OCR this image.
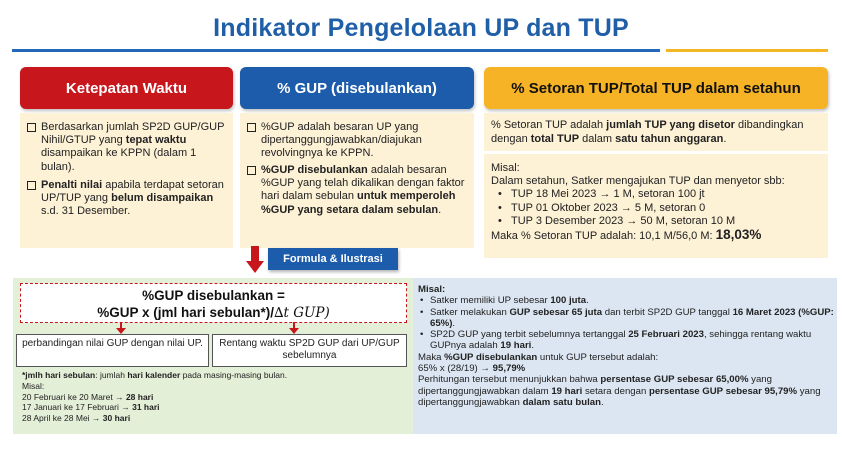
Indikator Pengelolaan UP dan TUP
Ketepatan Waktu	% GUP (disebulankan)	% Setoran TUP/Total TUP dalam setahun
Berdasarkan jumlah SP2D GUP/GUP Nihil/GTUP yang tepat waktu disampaikan ke KPPN (dalam 1 bulan).
Penalti nilai apabila terdapat setoran UP/TUP yang belum disampaikan s.d. 31 Desember.
%GUP adalah besaran UP yang dipertanggungjawabkan/diajukan revolvingnya ke KPPN.
%GUP disebulankan adalah besaran %GUP yang telah dikalikan dengan faktor hari dalam sebulan untuk memperoleh %GUP yang setara dalam sebulan.
% Setoran TUP adalah jumlah TUP yang disetor dibandingkan dengan total TUP dalam satu tahun anggaran.
Misal:
Dalam setahun, Satker mengajukan TUP dan menyetor sbb:
• TUP 18 Mei 2023 → 1 M, setoran 100 jt
• TUP 01 Oktober 2023 → 5 M, setoran 0
• TUP 3 Desember 2023 → 50 M, setoran 10 M
Maka % Setoran TUP adalah: 10,1 M/56,0 M: 18,03%
Formula & Ilustrasi
%GUP disebulankan =
%GUP x (jml hari sebulan*)/∆t GUP)
perbandingan nilai GUP dengan nilai UP.	Rentang waktu SP2D GUP dari UP/GUP sebelumnya
*jmlh hari sebulan: jumlah hari kalender pada masing-masing bulan.
Misal:
20 Februari ke 20 Maret → 28 hari
17 Januari ke 17 Februari → 31 hari
28 April ke 28 Mei → 30 hari
Misal:
• Satker memiliki UP sebesar 100 juta.
• Satker melakukan GUP sebesar 65 juta dan terbit SP2D GUP tanggal 16 Maret 2023 (%GUP: 65%).
• SP2D GUP yang terbit sebelumnya tertanggal 25 Februari 2023, sehingga rentang waktu GUPnya adalah 19 hari.
Maka %GUP disebulankan untuk GUP tersebut adalah:
65% x (28/19) → 95,79%
Perhitungan tersebut menunjukkan bahwa persentase GUP sebesar 65,00% yang dipertanggungjawabkan dalam 19 hari setara dengan persentase GUP sebesar 95,79% yang dipertanggungjawabkan dalam satu bulan.
